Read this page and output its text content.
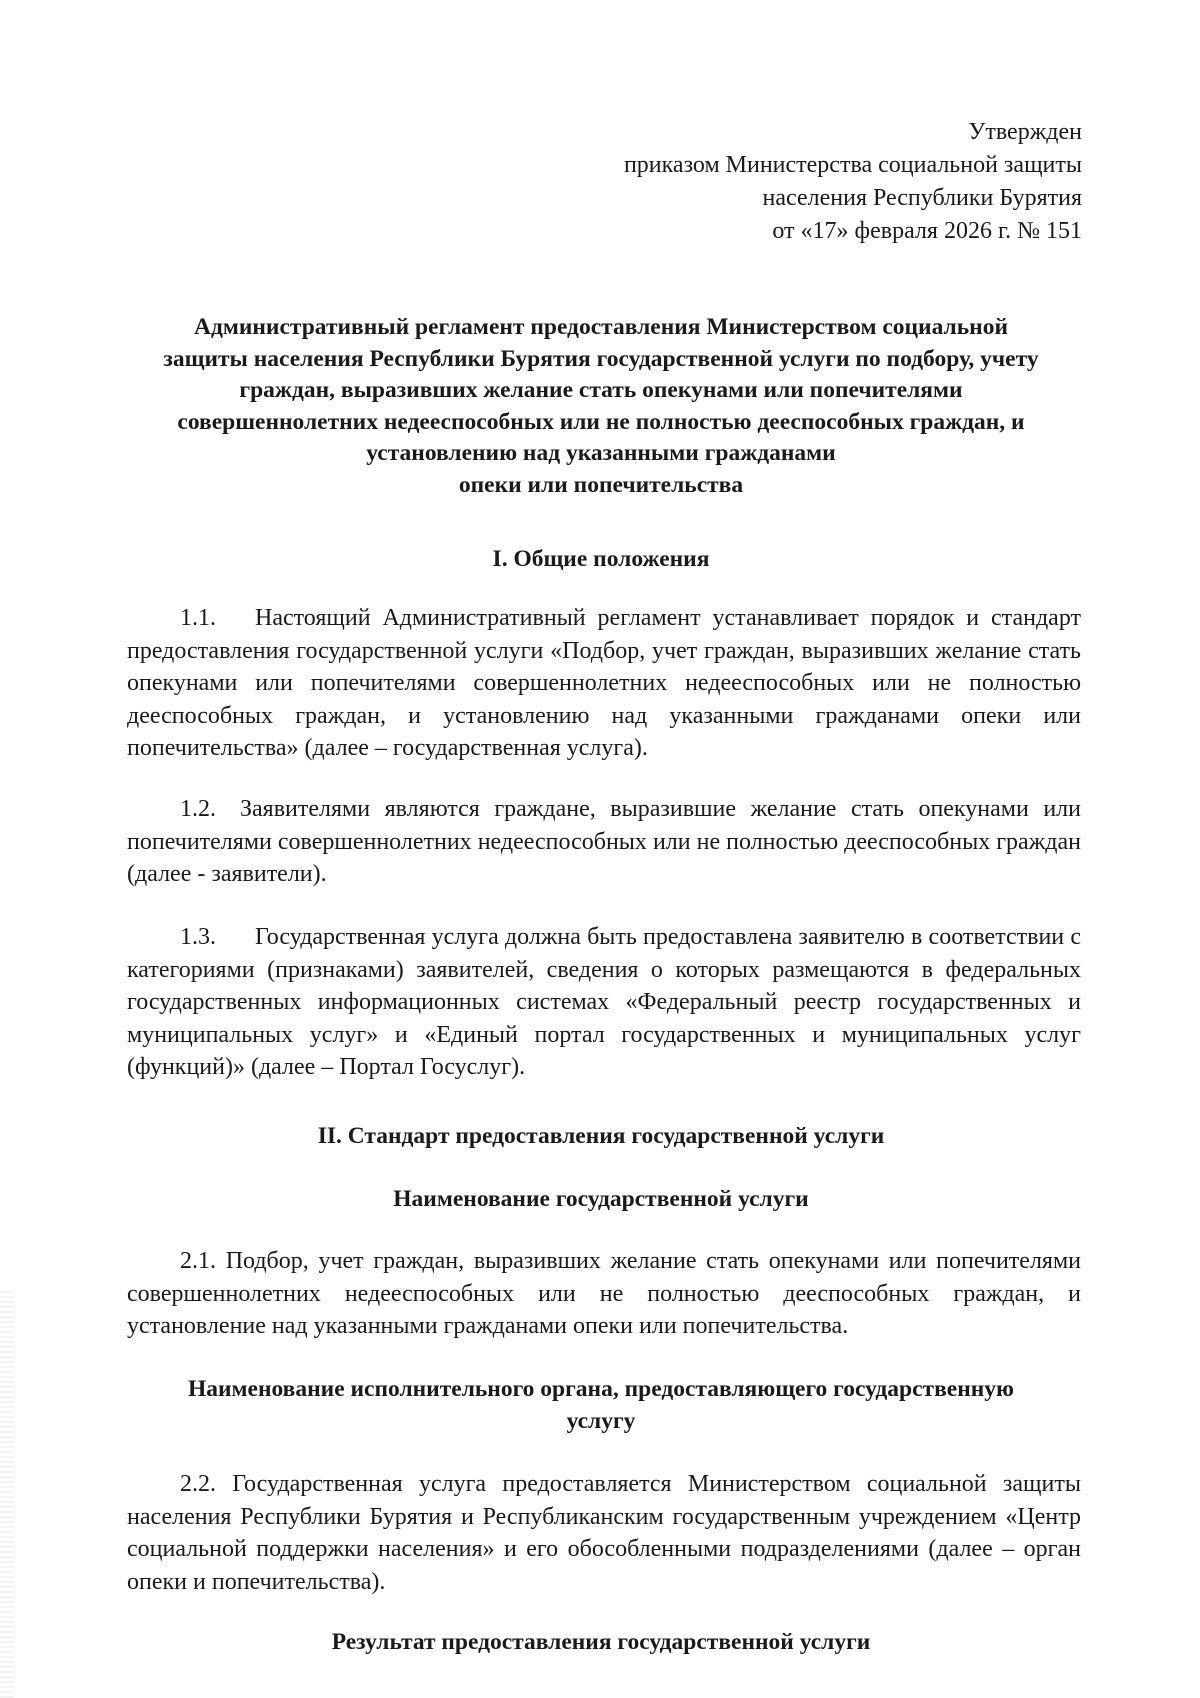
Утвержден
приказом Министерства социальной защиты
населения Республики Бурятия
от «17» февраля 2026 г. № 151
Административный регламент предоставления Министерством социальной
защиты населения Республики Бурятия государственной услуги по подбору, учету
граждан, выразивших желание стать опекунами или попечителями
совершеннолетних недееспособных или не полностью дееспособных граждан, и
установлению над указанными гражданами
опеки или попечительства
I. Общие положения
1.1. Настоящий Административный регламент устанавливает порядок и стандарт предоставления государственной услуги «Подбор, учет граждан, выразивших желание стать опекунами или попечителями совершеннолетних недееспособных или не полностью дееспособных граждан, и установлению над указанными гражданами опеки или попечительства» (далее – государственная услуга).
1.2. Заявителями являются граждане, выразившие желание стать опекунами или попечителями совершеннолетних недееспособных или не полностью дееспособных граждан (далее - заявители).
1.3. Государственная услуга должна быть предоставлена заявителю в соответствии с категориями (признаками) заявителей, сведения о которых размещаются в федеральных государственных информационных системах «Федеральный реестр государственных и муниципальных услуг» и «Единый портал государственных и муниципальных услуг (функций)» (далее – Портал Госуслуг).
II. Стандарт предоставления государственной услуги
Наименование государственной услуги
2.1. Подбор, учет граждан, выразивших желание стать опекунами или попечителями совершеннолетних недееспособных или не полностью дееспособных граждан, и установление над указанными гражданами опеки или попечительства.
Наименование исполнительного органа, предоставляющего государственную
услугу
2.2. Государственная услуга предоставляется Министерством социальной защиты населения Республики Бурятия и Республиканским государственным учреждением «Центр социальной поддержки населения» и его обособленными подразделениями (далее – орган опеки и попечительства).
Результат предоставления государственной услуги
